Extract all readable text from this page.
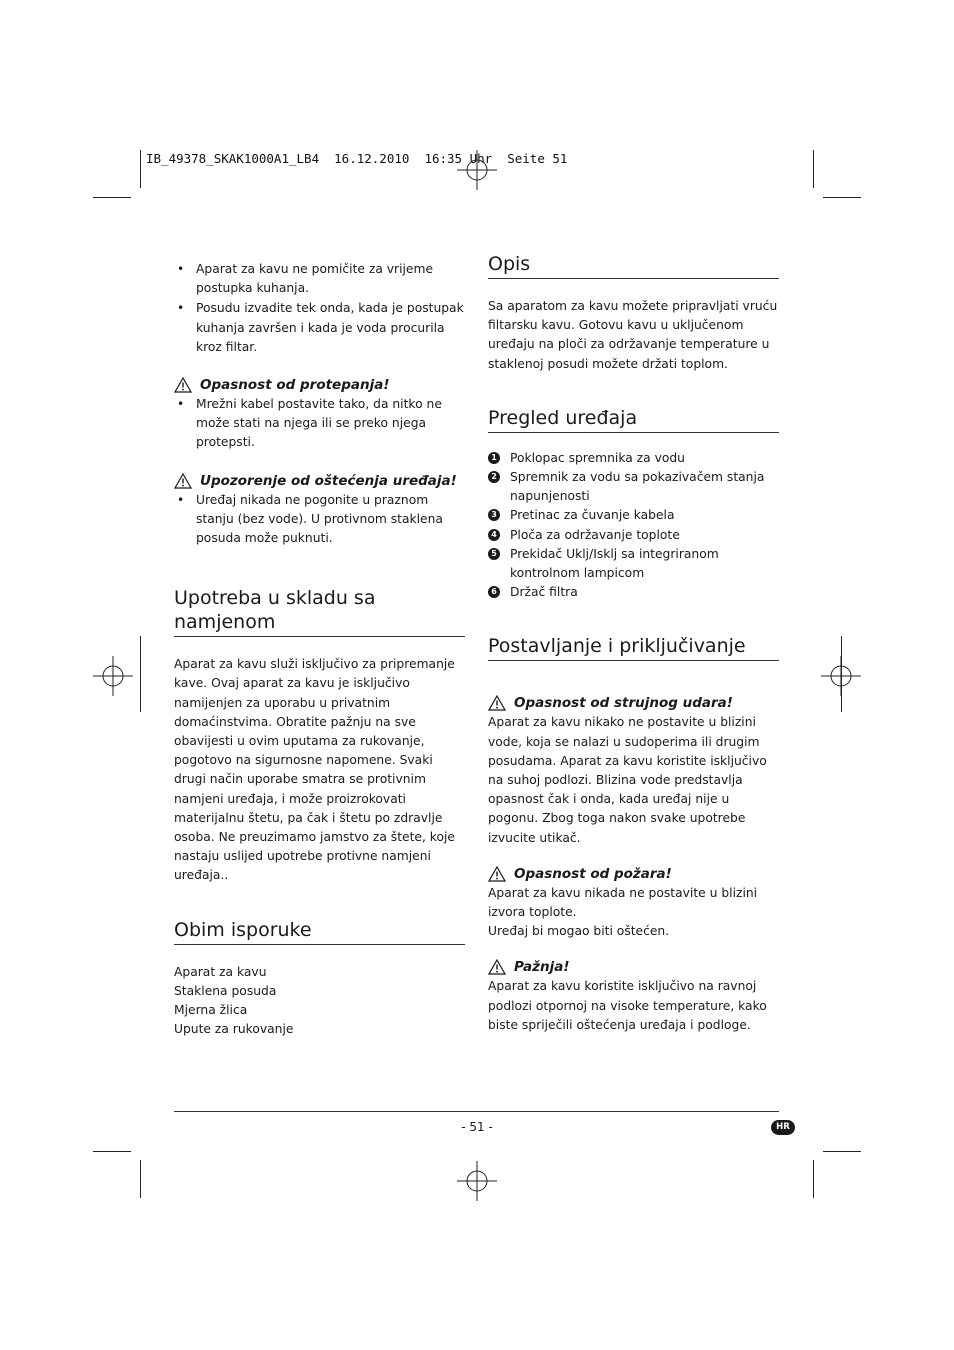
IB_49378_SKAK1000A1_LB4  16.12.2010  16:35 Uhr  Seite 51
• Aparat za kavu ne pomičite za vrijeme postupka kuhanja.
• Posudu izvadite tek onda, kada je postupak kuhanja završen i kada je voda procurila kroz filtar.
Opasnost od protepanja!
• Mrežni kabel postavite tako, da nitko ne može stati na njega ili se preko njega protepsti.
Upozorenje od oštećenja uređaja!
• Uređaj nikada ne pogonite u praznom stanju (bez vode). U protivnom staklena posuda može puknuti.
Upotreba u skladu sa namjenom

Aparat za kavu služi isključivo za pripremanje kave. Ovaj aparat za kavu je isključivo namijenjen za uporabu u privatnim domaćinstvima. Obratite pažnju na sve obavijesti u ovim uputama za rukovanje, pogotovo na sigurnosne napomene. Svaki drugi način uporabe smatra se protivnim namjeni uređaja, i može proizrokovati materijalnu štetu, pa čak i štetu po zdravlje osoba. Ne preuzimamo jamstvo za štete, koje nastaju uslijed upotrebe protivne namjeni uređaja..

Obim isporuke
Aparat za kavu
Staklena posuda
Mjerna žlica
Upute za rukovanje
Opis

Sa aparatom za kavu možete pripravljati vruću filtarsku kavu. Gotovu kavu u uključenom uređaju na ploči za održavanje temperature u staklenoj posudi možete držati toplom.

Pregled uređaja
1 Poklopac spremnika za vodu
2 Spremnik za vodu sa pokazivačem stanja napunjenosti
3 Pretinac za čuvanje kabela
4 Ploča za održavanje toplote
5 Prekidač Uklj/Isklj sa integriranom kontrolnom lampicom
6 Držač filtra
Postavljanje i priključivanje
Opasnost od strujnog udara!

Aparat za kavu nikako ne postavite u blizini vode, koja se nalazi u sudoperima ili drugim posudama. Aparat za kavu koristite isključivo na suhoj podlozi. Blizina vode predstavlja opasnost čak i onda, kada uređaj nije u pogonu. Zbog toga nakon svake upotrebe izvucite utikač.

Opasnost od požara!

Aparat za kavu nikada ne postavite u blizini izvora toplote.

Uređaj bi mogao biti oštećen.

Pažnja!

Aparat za kavu koristite isključivo na ravnoj podlozi otpornoj na visoke temperature, kako biste spriječili oštećenja uređaja i podloge.

- 51 -	HR
